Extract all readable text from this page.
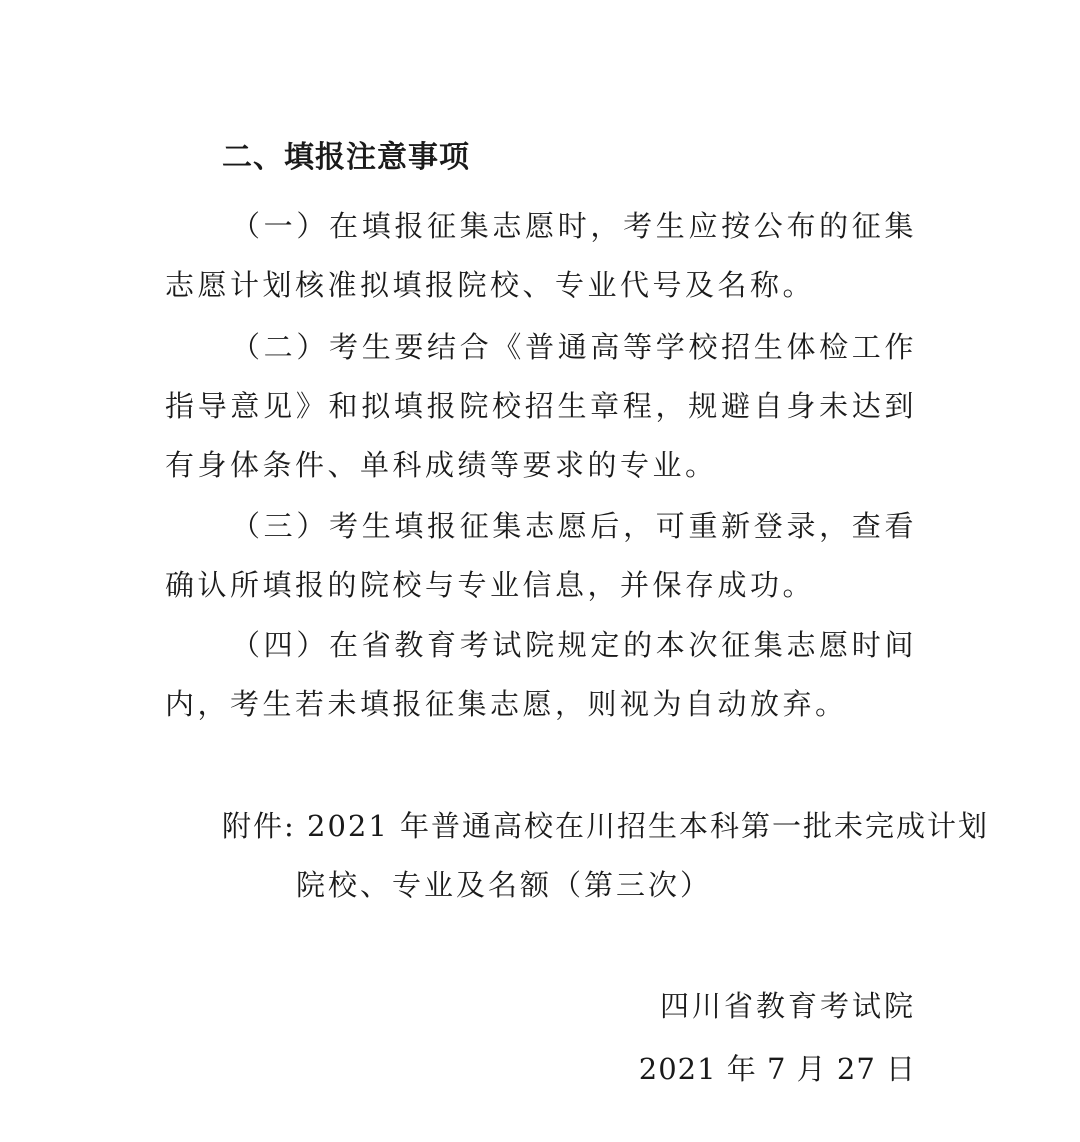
二、填报注意事项

（一）在填报征集志愿时，考生应按公布的征集志愿计划核准拟填报院校、专业代号及名称。

（二）考生要结合《普通高等学校招生体检工作指导意见》和拟填报院校招生章程，规避自身未达到有身体条件、单科成绩等要求的专业。

（三）考生填报征集志愿后，可重新登录，查看确认所填报的院校与专业信息，并保存成功。

（四）在省教育考试院规定的本次征集志愿时间内，考生若未填报征集志愿，则视为自动放弃。

附件: 2021 年普通高校在川招生本科第一批未完成计划
院校、专业及名额（第三次）
四川省教育考试院
2021 年 7 月 27 日
